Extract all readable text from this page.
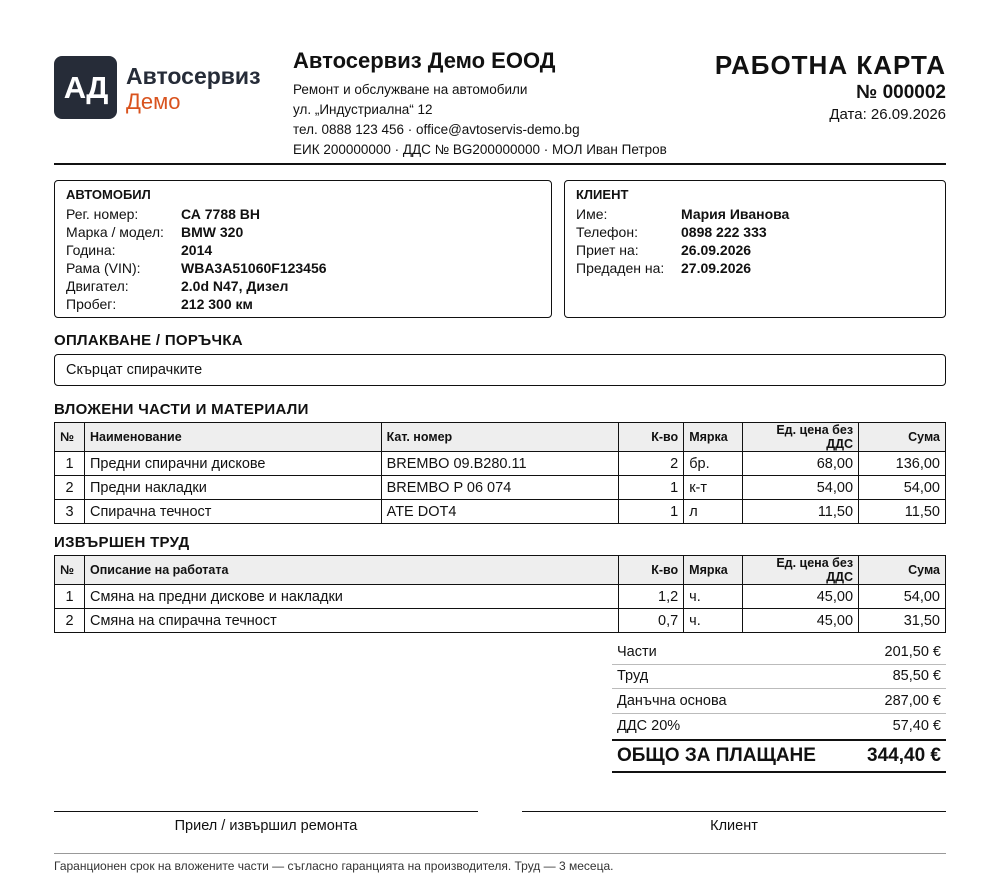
АД Автосервиз
Демо
Автосервиз Демо ЕООД
Ремонт и обслужване на автомобили
ул. „Индустриална“ 12
тел. 0888 123 456 · office@avtoservis-demo.bg
ЕИК 200000000 · ДДС № BG200000000 · МОЛ Иван Петров
РАБОТНА КАРТА
№ 000002
Дата: 26.09.2026
АВТОМОБИЛ
Рег. номер:	СА 7788 ВН
Марка / модел:	BMW 320
Година:	2014
Рама (VIN):	WBA3A51060F123456
Двигател:	2.0d N47, Дизел
Пробег:	212 300 км
КЛИЕНТ
Име:	Мария Иванова
Телефон:	0898 222 333
Приет на:	26.09.2026
Предаден на:	27.09.2026
ОПЛАКВАНЕ / ПОРЪЧКА
Скърцат спирачките
ВЛОЖЕНИ ЧАСТИ И МАТЕРИАЛИ
№	Наименование	Кат. номер	К-во	Мярка	Ед. цена без ДДС	Сума
1	Предни спирачни дискове	BREMBO 09.B280.11	2	бр.	68,00	136,00
2	Предни накладки	BREMBO P 06 074	1	к-т	54,00	54,00
3	Спирачна течност	ATE DOT4	1	л	11,50	11,50
ИЗВЪРШЕН ТРУД
№	Описание на работата	К-во	Мярка	Ед. цена без ДДС	Сума
1	Смяна на предни дискове и накладки	1,2	ч.	45,00	54,00
2	Смяна на спирачна течност	0,7	ч.	45,00	31,50
Части	201,50 €
Труд	85,50 €
Данъчна основа	287,00 €
ДДС 20%	57,40 €
ОБЩО ЗА ПЛАЩАНЕ	344,40 €
Приел / извършил ремонта	Клиент
Гаранционен срок на вложените части — съгласно гаранцията на производителя. Труд — 3 месеца.
